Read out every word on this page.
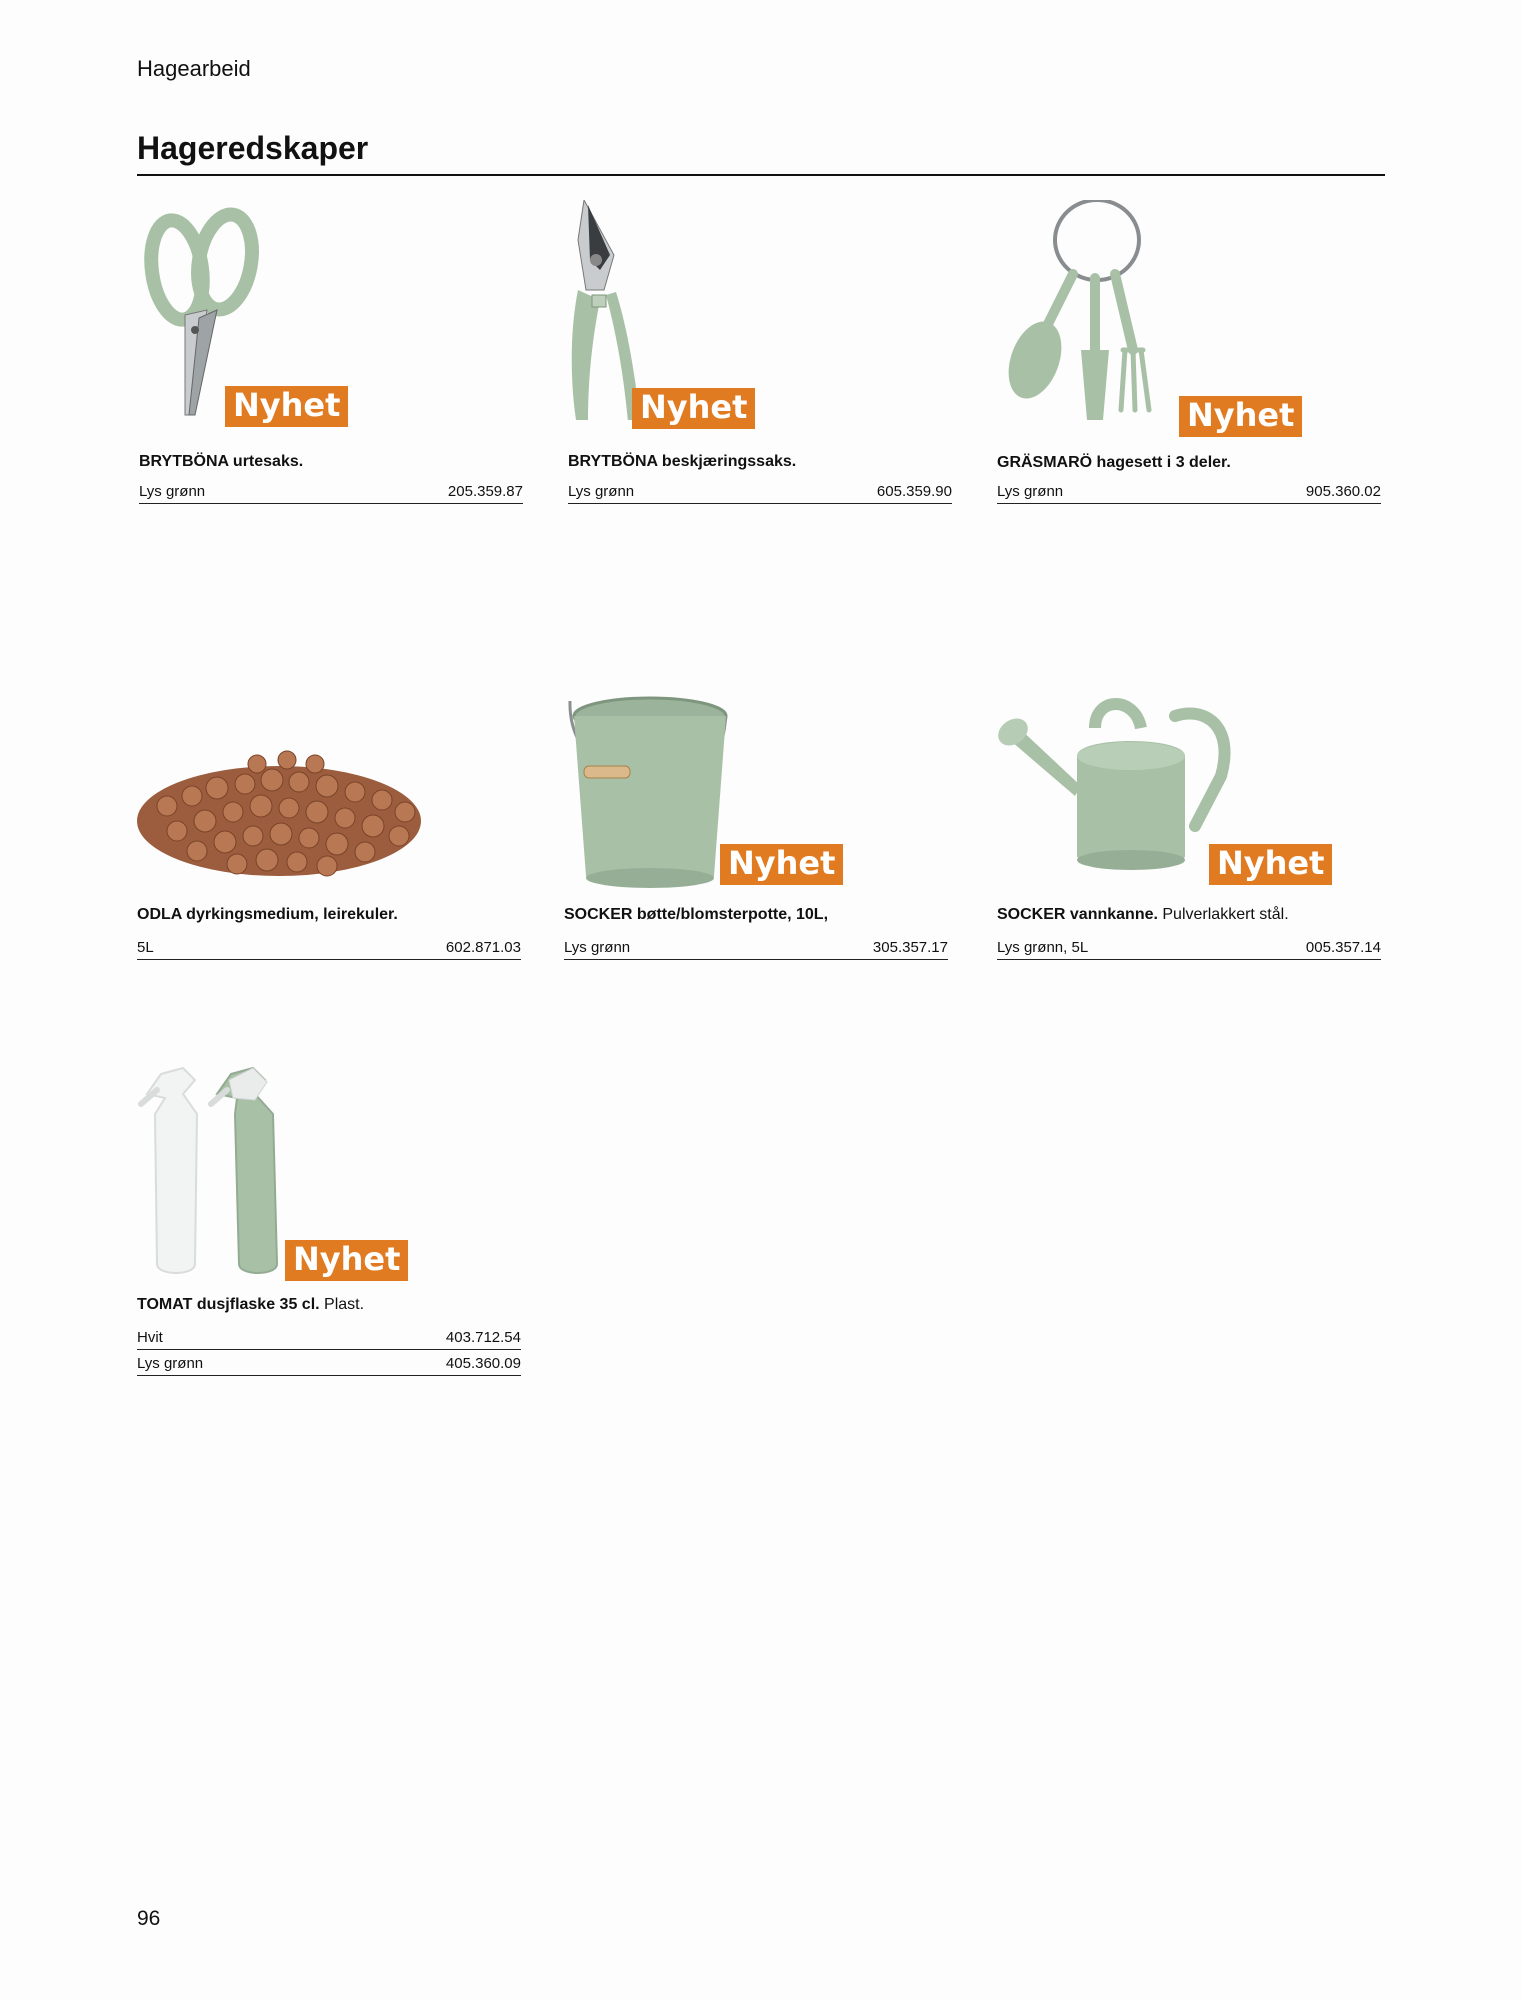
Hagearbeid
Hageredskaper
Nyhet
BRYTBÖNA urtesaks.
Lys grønn	205.359.87
Nyhet
BRYTBÖNA beskjæringssaks.
Lys grønn	605.359.90
Nyhet
GRÄSMARÖ hagesett i 3 deler.
Lys grønn	905.360.02
ODLA dyrkingsmedium, leirekuler.
5L	602.871.03
Nyhet
SOCKER bøtte/blomsterpotte, 10L,
Lys grønn	305.357.17
Nyhet
SOCKER vannkanne. Pulverlakkert stål.
Lys grønn, 5L	005.357.14
Nyhet
TOMAT dusjflaske 35 cl. Plast.
Hvit	403.712.54
Lys grønn	405.360.09
96
